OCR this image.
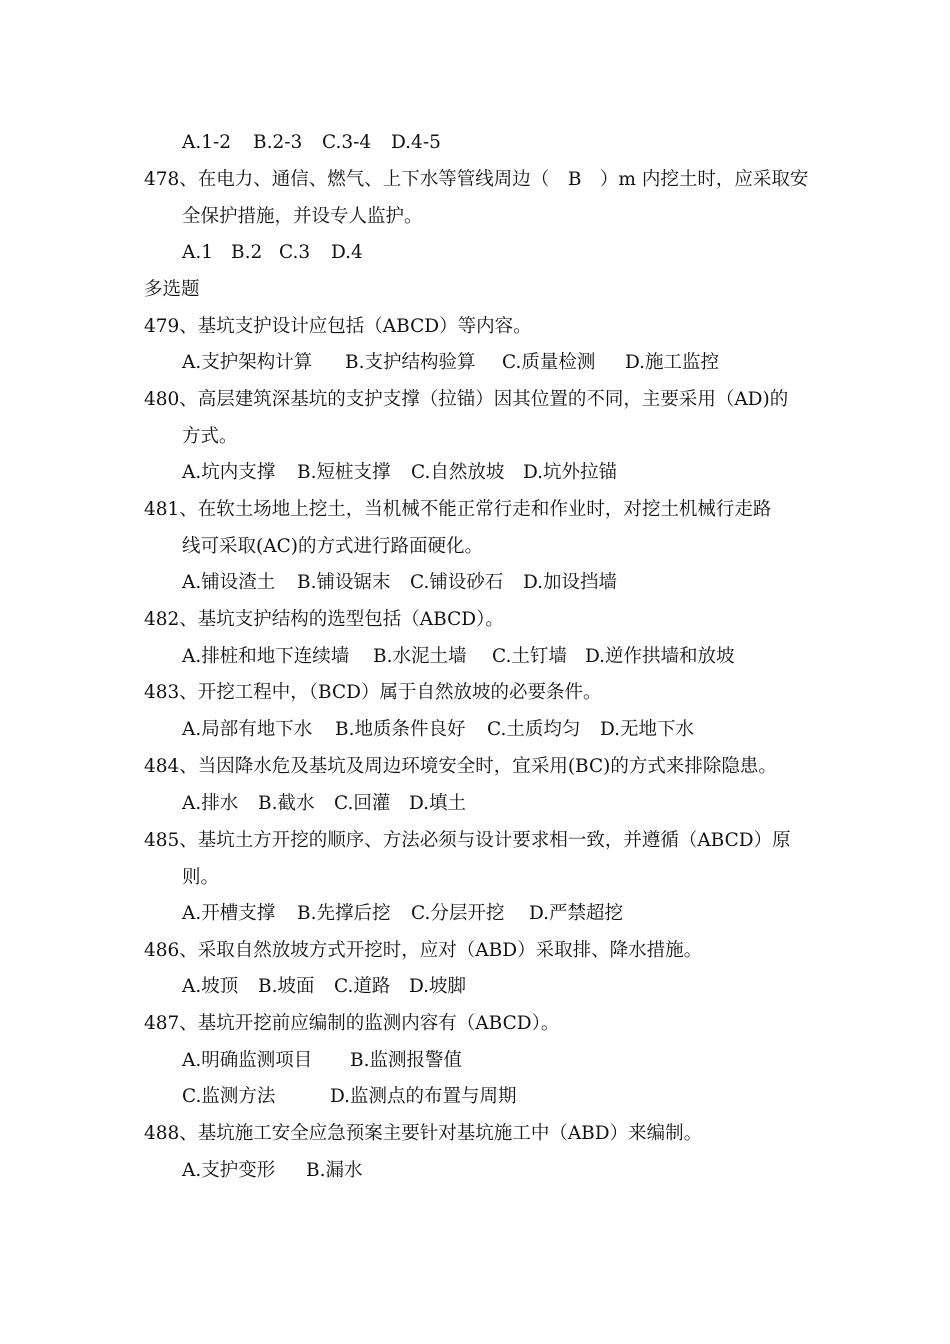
A.1-2 B.2-3 C.3-4 D.4-5
478、在电力、通信、燃气、上下水等管线周边（　B　）m 内挖土时，应采取安
全保护措施，并设专人监护。
A.1 B.2 C.3 D.4
多选题
479、基坑支护设计应包括（ABCD）等内容。
A.支护架构计算 B.支护结构验算 C.质量检测 D.施工监控
480、高层建筑深基坑的支护支撑（拉锚）因其位置的不同，主要采用（AD)的
方式。
A.坑内支撑 B.短桩支撑 C.自然放坡 D.坑外拉锚
481、在软土场地上挖土，当机械不能正常行走和作业时，对挖土机械行走路
线可采取(AC)的方式进行路面硬化。
A.铺设渣土 B.铺设锯末 C.铺设砂石 D.加设挡墙
482、基坑支护结构的选型包括（ABCD）。
A.排桩和地下连续墙 B.水泥土墙 C.土钉墙 D.逆作拱墙和放坡
483、开挖工程中，（BCD）属于自然放坡的必要条件。
A.局部有地下水 B.地质条件良好 C.土质均匀 D.无地下水
484、当因降水危及基坑及周边环境安全时，宜采用(BC)的方式来排除隐患。
A.排水 B.截水 C.回灌 D.填土
485、基坑土方开挖的顺序、方法必须与设计要求相一致，并遵循（ABCD）原
则。
A.开槽支撑 B.先撑后挖 C.分层开挖 D.严禁超挖
486、采取自然放坡方式开挖时，应对（ABD）采取排、降水措施。
A.坡顶 B.坡面 C.道路 D.坡脚
487、基坑开挖前应编制的监测内容有（ABCD）。
A.明确监测项目 B.监测报警值
C.监测方法	D.监测点的布置与周期
488、基坑施工安全应急预案主要针对基坑施工中（ABD）来编制。
A.支护变形 B.漏水
